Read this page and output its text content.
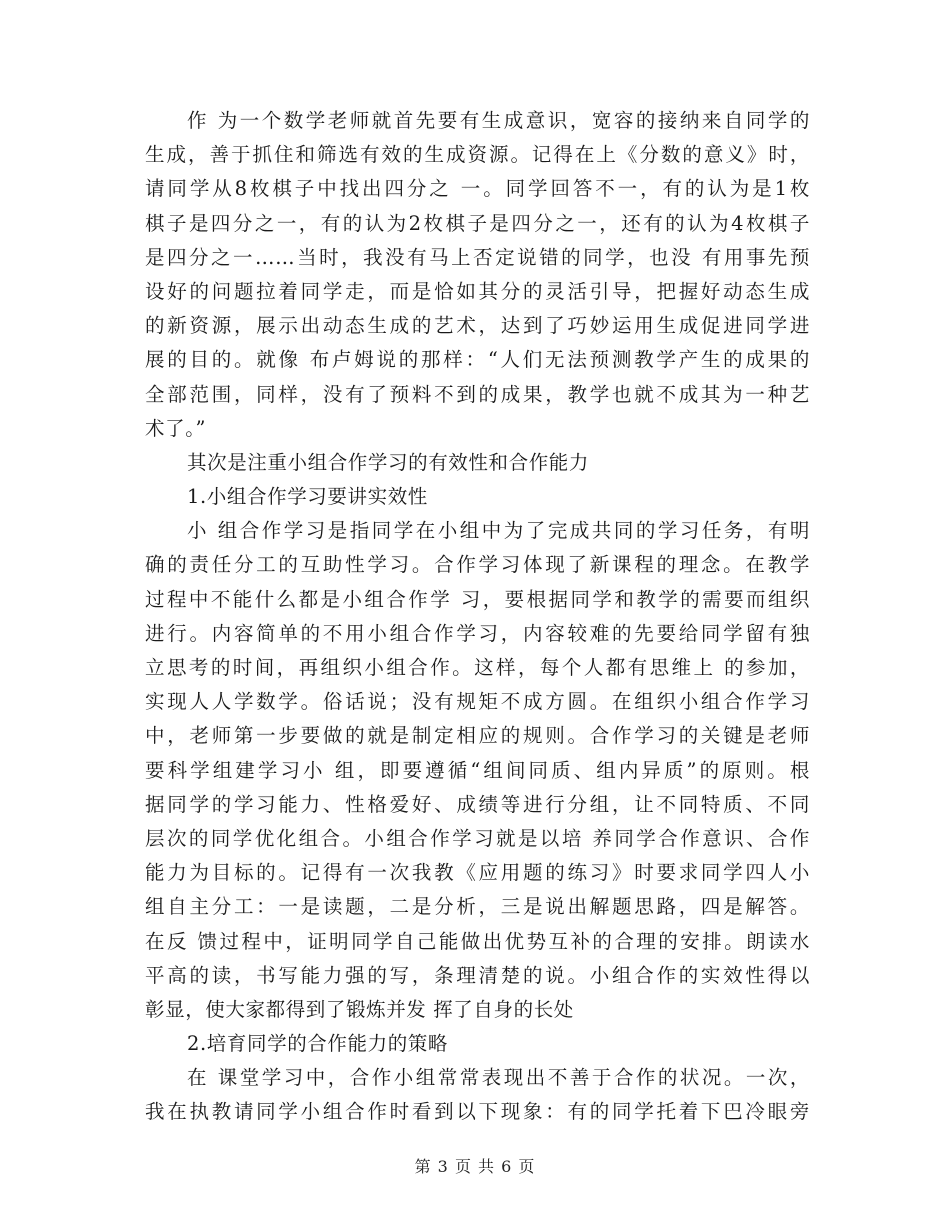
作 为一个数学老师就首先要有生成意识，宽容的接纳来自同学的
生成，善于抓住和筛选有效的生成资源。记得在上《分数的意义》时，
请同学从8枚棋子中找出四分之 一。同学回答不一，有的认为是1枚
棋子是四分之一，有的认为2枚棋子是四分之一，还有的认为4枚棋子
是四分之一……当时，我没有马上否定说错的同学，也没 有用事先预
设好的问题拉着同学走，而是恰如其分的灵活引导，把握好动态生成
的新资源，展示出动态生成的艺术，达到了巧妙运用生成促进同学进
展的目的。就像 布卢姆说的那样：“人们无法预测教学产生的成果的
全部范围，同样，没有了预料不到的成果，教学也就不成其为一种艺
术了。”
其次是注重小组合作学习的有效性和合作能力
1.小组合作学习要讲实效性
小 组合作学习是指同学在小组中为了完成共同的学习任务，有明
确的责任分工的互助性学习。合作学习体现了新课程的理念。在教学
过程中不能什么都是小组合作学 习，要根据同学和教学的需要而组织
进行。内容简单的不用小组合作学习，内容较难的先要给同学留有独
立思考的时间，再组织小组合作。这样，每个人都有思维上 的参加，
实现人人学数学。俗话说；没有规矩不成方圆。在组织小组合作学习
中，老师第一步要做的就是制定相应的规则。合作学习的关键是老师
要科学组建学习小 组，即要遵循“组间同质、组内异质”的原则。根
据同学的学习能力、性格爱好、成绩等进行分组，让不同特质、不同
层次的同学优化组合。小组合作学习就是以培 养同学合作意识、合作
能力为目标的。记得有一次我教《应用题的练习》时要求同学四人小
组自主分工：一是读题，二是分析，三是说出解题思路，四是解答。
在反 馈过程中，证明同学自己能做出优势互补的合理的安排。朗读水
平高的读，书写能力强的写，条理清楚的说。小组合作的实效性得以
彰显，使大家都得到了锻炼并发 挥了自身的长处
2.培育同学的合作能力的策略
在 课堂学习中，合作小组常常表现出不善于合作的状况。一次，
我在执教请同学小组合作时看到以下现象：有的同学托着下巴冷眼旁
第 3 页 共 6 页
